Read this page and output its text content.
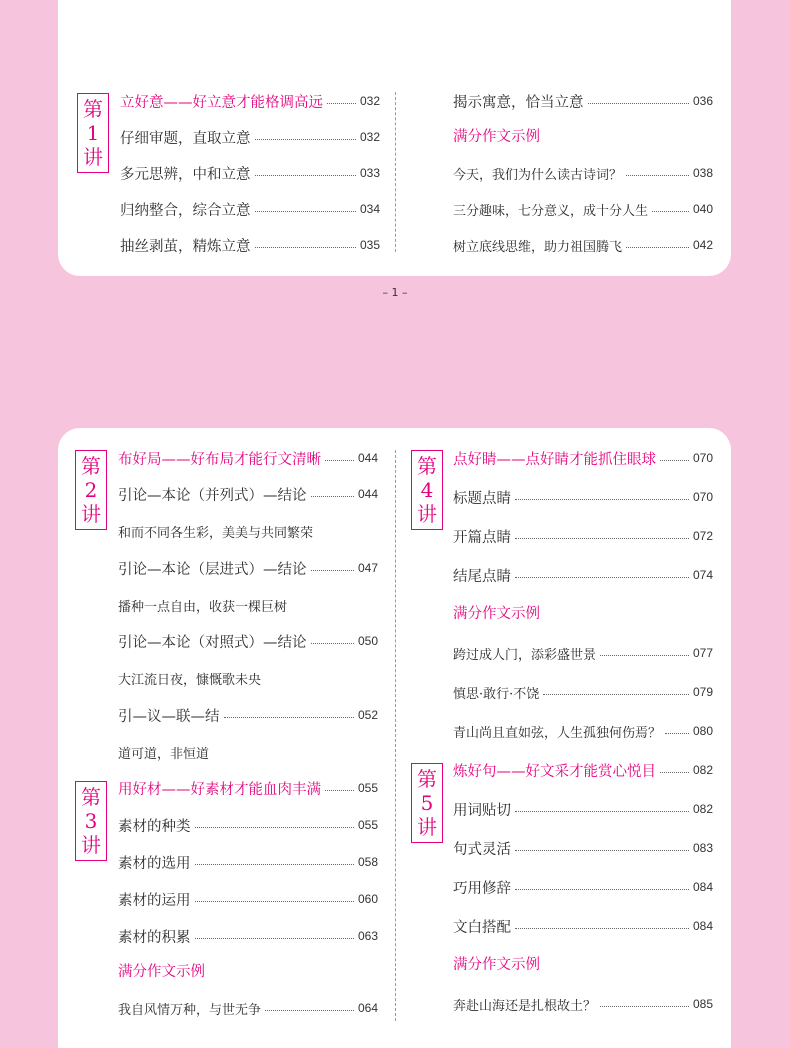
第
1
讲
立好意——好立意才能格调高远	032
仔细审题，直取立意	032
多元思辨，中和立意	033
归纳整合，综合立意	034
抽丝剥茧，精炼立意	035
揭示寓意，恰当立意	036
满分作文示例
今天，我们为什么读古诗词？	038
三分趣味，七分意义，成十分人生	040
树立底线思维，助力祖国腾飞	042
– 1 –
第
2
讲
布好局——好布局才能行文清晰	044
引论—本论（并列式）—结论	044
和而不同各生彩，美美与共同繁荣
引论—本论（层进式）—结论	047
播种一点自由，收获一棵巨树
引论—本论（对照式）—结论	050
大江流日夜，慷慨歌未央
引—议—联—结	052
道可道，非恒道
第
3
讲
用好材——好素材才能血肉丰满	055
素材的种类	055
素材的选用	058
素材的运用	060
素材的积累	063
满分作文示例
我自风情万种，与世无争	064
第
4
讲
点好睛——点好睛才能抓住眼球	070
标题点睛	070
开篇点睛	072
结尾点睛	074
满分作文示例
跨过成人门，添彩盛世景	077
慎思·敢行·不饶	079
青山尚且直如弦，人生孤独何伤焉？	080
第
5
讲
炼好句——好文采才能赏心悦目	082
用词贴切	082
句式灵活	083
巧用修辞	084
文白搭配	084
满分作文示例
奔赴山海还是扎根故土？	085
